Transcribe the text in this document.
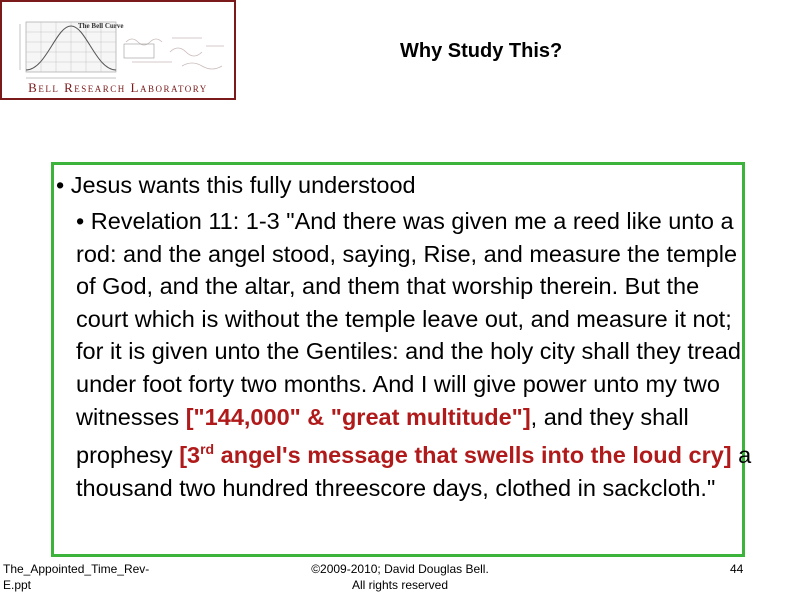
The Bell Curve
Bell Research Laboratory
Why Study This?
• Jesus wants this fully understood
• Revelation 11: 1-3 "And there was given me a reed like unto a rod: and the angel stood, saying, Rise, and measure the temple of God, and the altar, and them that worship therein. But the court which is without the temple leave out, and measure it not; for it is given unto the Gentiles: and the holy city shall they tread under foot forty two months. And I will give power unto my two witnesses ["144,000" & "great multitude"], and they shall prophesy [3rd angel's message that swells into the loud cry] a thousand two hundred threescore days, clothed in sackcloth."
The_Appointed_Time_Rev-
E.ppt
©2009-2010; David Douglas Bell.
All rights reserved
44
